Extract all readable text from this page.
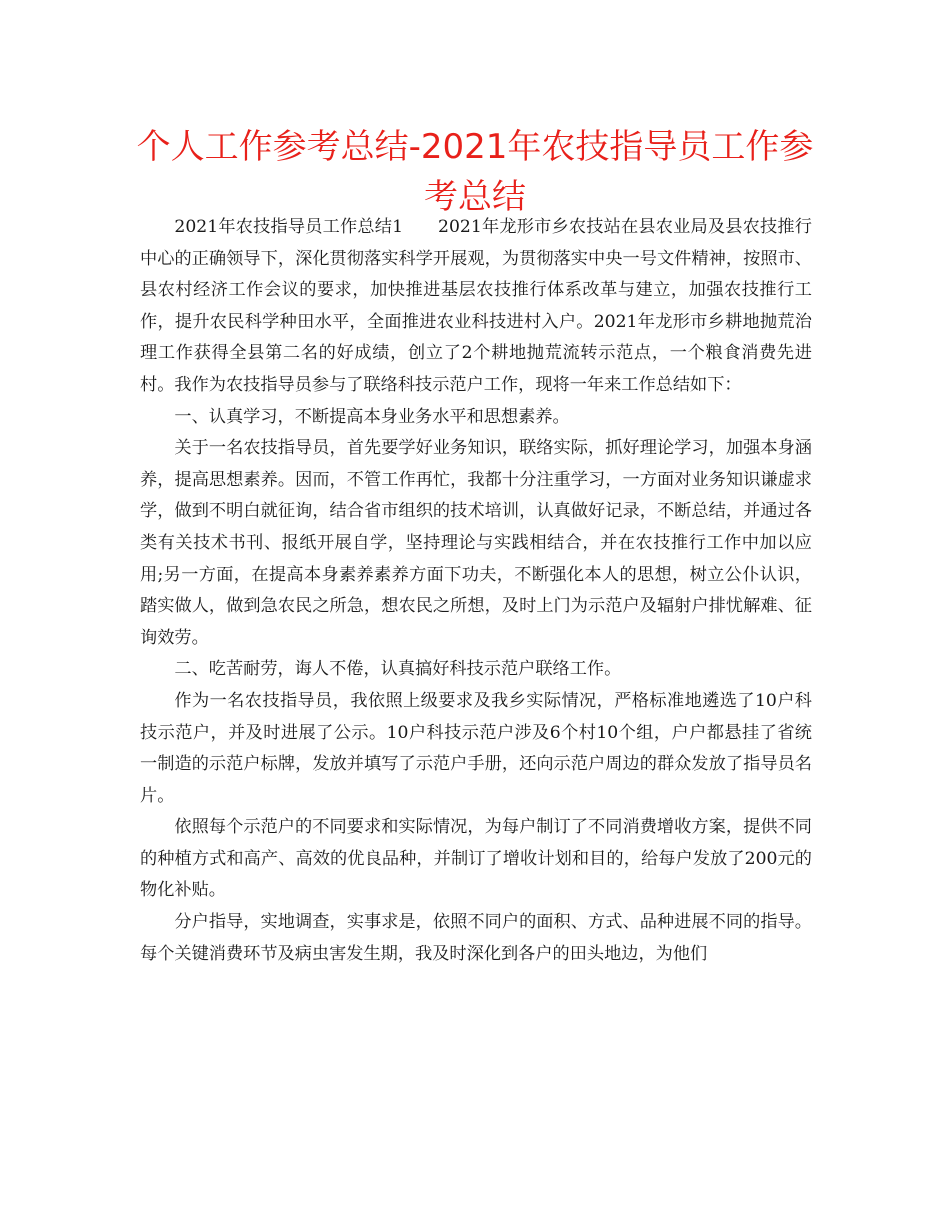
个人工作参考总结-2021年农技指导员工作参考总结

2021年农技指导员工作总结1　　2021年龙形市乡农技站在县农业局及县农技推行中心的正确领导下，深化贯彻落实科学开展观，为贯彻落实中央一号文件精神，按照市、县农村经济工作会议的要求，加快推进基层农技推行体系改革与建立，加强农技推行工作，提升农民科学种田水平，全面推进农业科技进村入户。2021年龙形市乡耕地抛荒治理工作获得全县第二名的好成绩，创立了2个耕地抛荒流转示范点，一个粮食消费先进村。我作为农技指导员参与了联络科技示范户工作，现将一年来工作总结如下：

一、认真学习，不断提高本身业务水平和思想素养。

关于一名农技指导员，首先要学好业务知识，联络实际，抓好理论学习，加强本身涵养，提高思想素养。因而，不管工作再忙，我都十分注重学习，一方面对业务知识谦虚求学，做到不明白就征询，结合省市组织的技术培训，认真做好记录，不断总结，并通过各类有关技术书刊、报纸开展自学，坚持理论与实践相结合，并在农技推行工作中加以应用;另一方面，在提高本身素养素养方面下功夫，不断强化本人的思想，树立公仆认识，踏实做人，做到急农民之所急，想农民之所想，及时上门为示范户及辐射户排忧解难、征询效劳。

二、吃苦耐劳，诲人不倦，认真搞好科技示范户联络工作。

作为一名农技指导员，我依照上级要求及我乡实际情况，严格标准地遴选了10户科技示范户，并及时进展了公示。10户科技示范户涉及6个村10个组，户户都悬挂了省统一制造的示范户标牌，发放并填写了示范户手册，还向示范户周边的群众发放了指导员名片。

依照每个示范户的不同要求和实际情况，为每户制订了不同消费增收方案，提供不同的种植方式和高产、高效的优良品种，并制订了增收计划和目的，给每户发放了200元的物化补贴。

分户指导，实地调查，实事求是，依照不同户的面积、方式、品种进展不同的指导。每个关键消费环节及病虫害发生期，我及时深化到各户的田头地边，为他们
